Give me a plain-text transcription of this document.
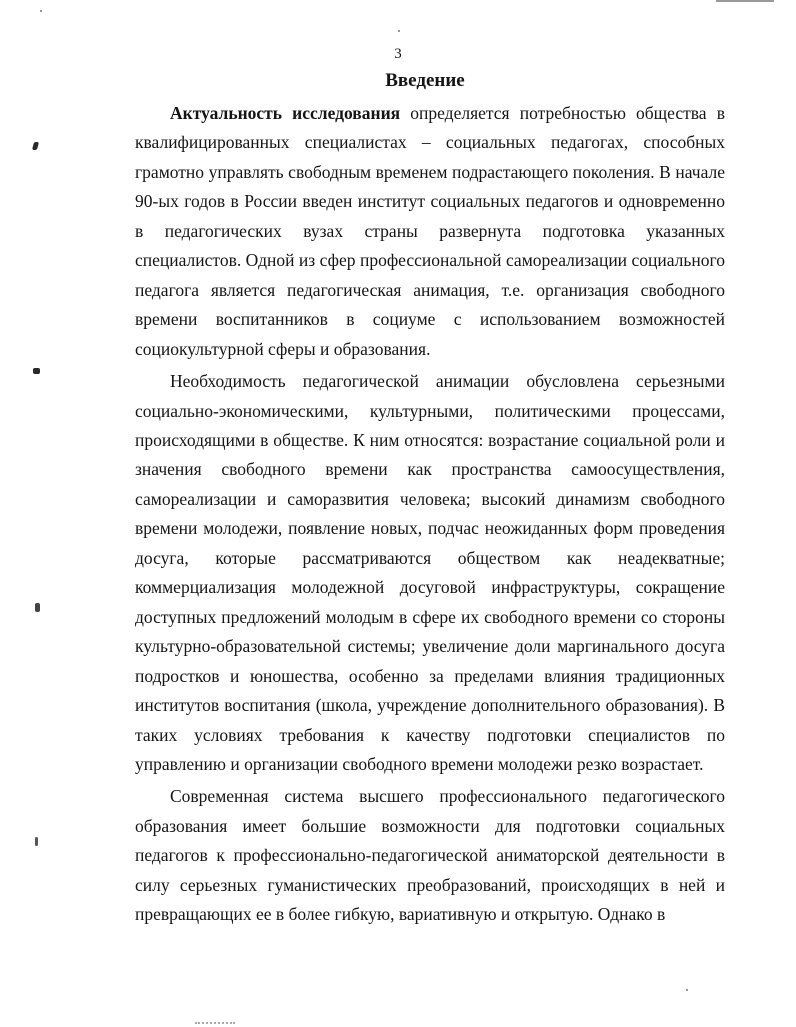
3
Введение

Актуальность исследования определяется потребностью общества в квалифицированных специалистах – социальных педагогах, способных грамотно управлять свободным временем подрастающего поколения. В начале 90-ых годов в России введен институт социальных педагогов и одновременно в педагогических вузах страны развернута подготовка указанных специалистов. Одной из сфер профессиональной самореализации социального педагога является педагогическая анимация, т.е. организация свободного времени воспитанников в социуме с использованием возможностей социокультурной сферы и образования.

Необходимость педагогической анимации обусловлена серьезными социально-экономическими, культурными, политическими процессами, происходящими в обществе. К ним относятся: возрастание социальной роли и значения свободного времени как пространства самоосуществления, самореализации и саморазвития человека; высокий динамизм свободного времени молодежи, появление новых, подчас неожиданных форм проведения досуга, которые рассматриваются обществом как неадекватные; коммерциализация молодежной досуговой инфраструктуры, сокращение доступных предложений молодым в сфере их свободного времени со стороны культурно-образовательной системы; увеличение доли маргинального досуга подростков и юношества, особенно за пределами влияния традиционных институтов воспитания (школа, учреждение дополнительного образования). В таких условиях требования к качеству подготовки специалистов по управлению и организации свободного времени молодежи резко возрастает.

Современная система высшего профессионального педагогического образования имеет большие возможности для подготовки социальных педагогов к профессионально-педагогической аниматорской деятельности в силу серьезных гуманистических преобразований, происходящих в ней и превращающих ее в более гибкую, вариативную и открытую. Однако в
